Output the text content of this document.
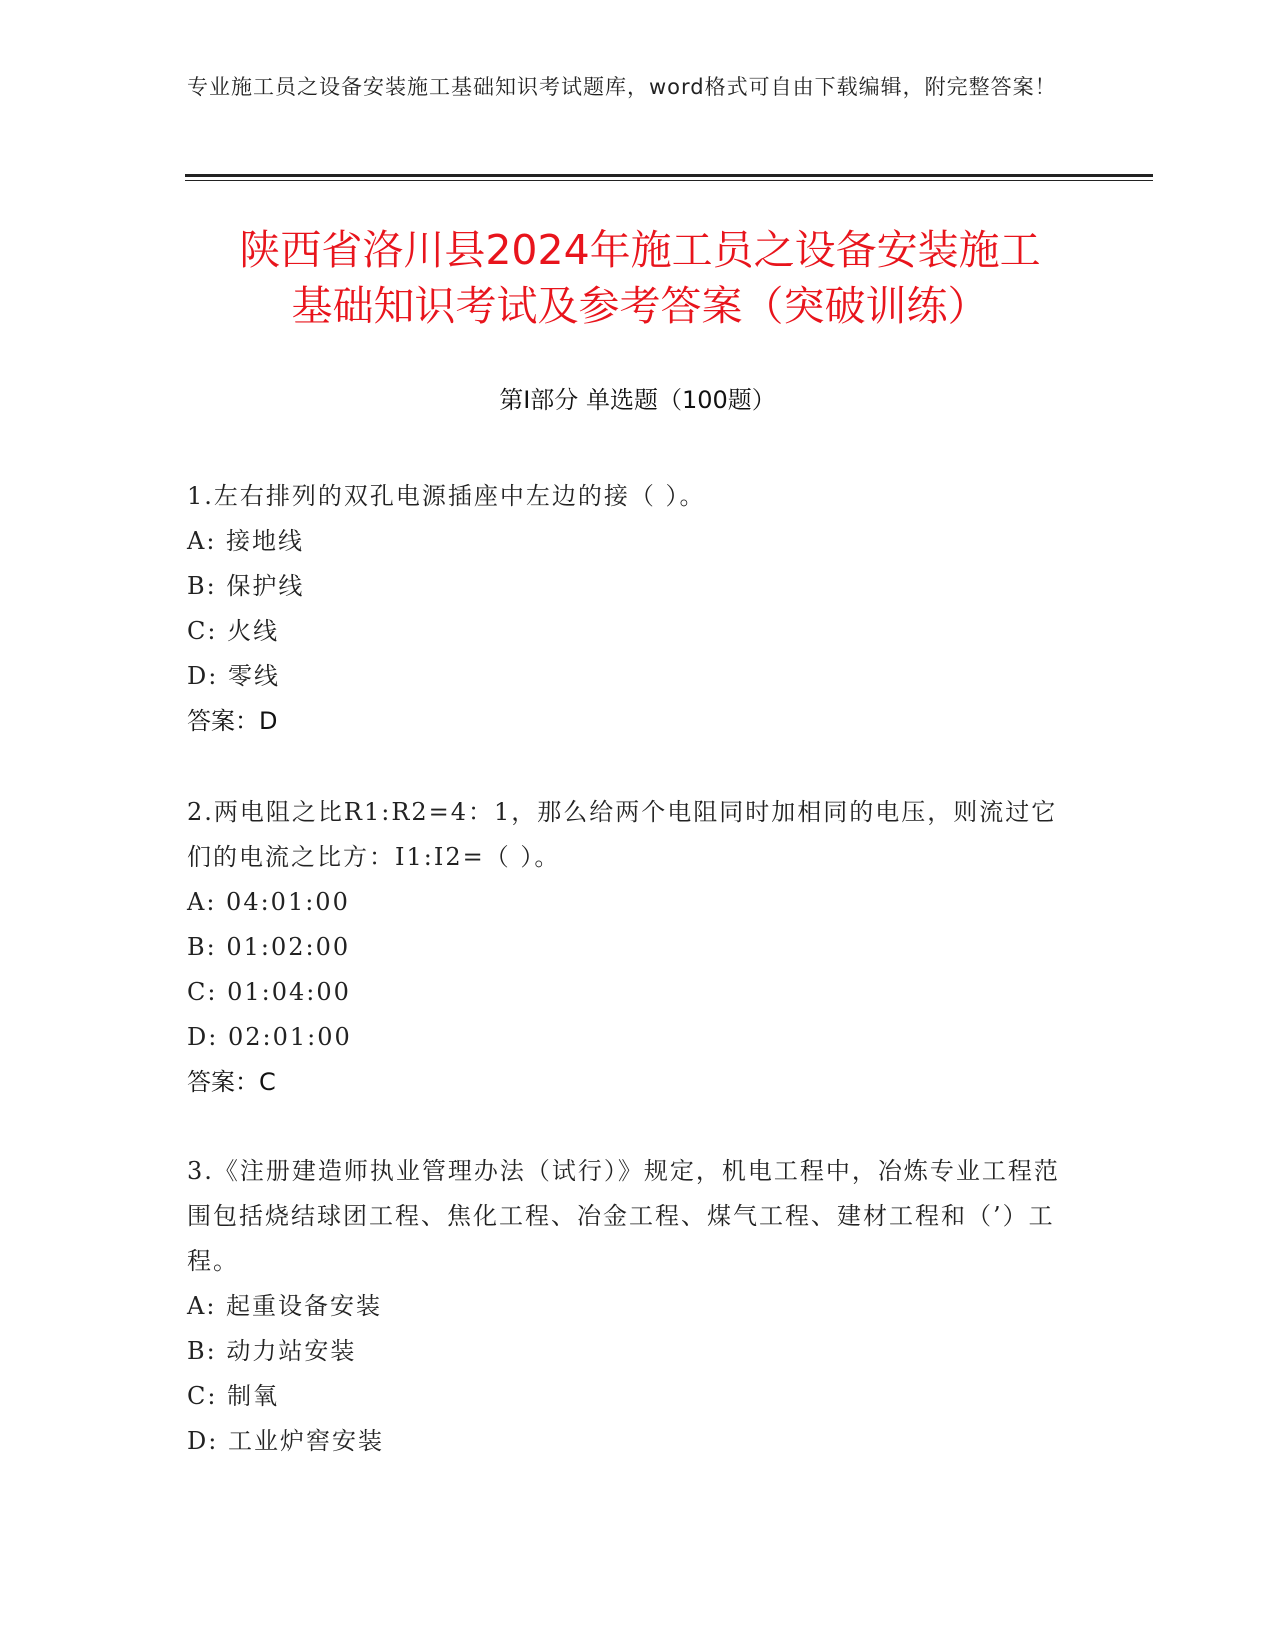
专业施工员之设备安装施工基础知识考试题库，word格式可自由下载编辑，附完整答案！
陕西省洛川县2024年施工员之设备安装施工
基础知识考试及参考答案（突破训练）
第Ⅰ部分 单选题（100题）
1.左右排列的双孔电源插座中左边的接（ ）。
A: 接地线
B: 保护线
C: 火线
D: 零线
答案：D
2.两电阻之比R1:R2=4：1，那么给两个电阻同时加相同的电压，则流过它们的电流之比方：I1:I2=（ ）。
A: 04:01:00
B: 01:02:00
C: 01:04:00
D: 02:01:00
答案：C
3.《注册建造师执业管理办法（试行）》规定，机电工程中，冶炼专业工程范围包括烧结球团工程、焦化工程、冶金工程、煤气工程、建材工程和（’）工程。
A: 起重设备安装
B: 动力站安装
C: 制氧
D: 工业炉窖安装
